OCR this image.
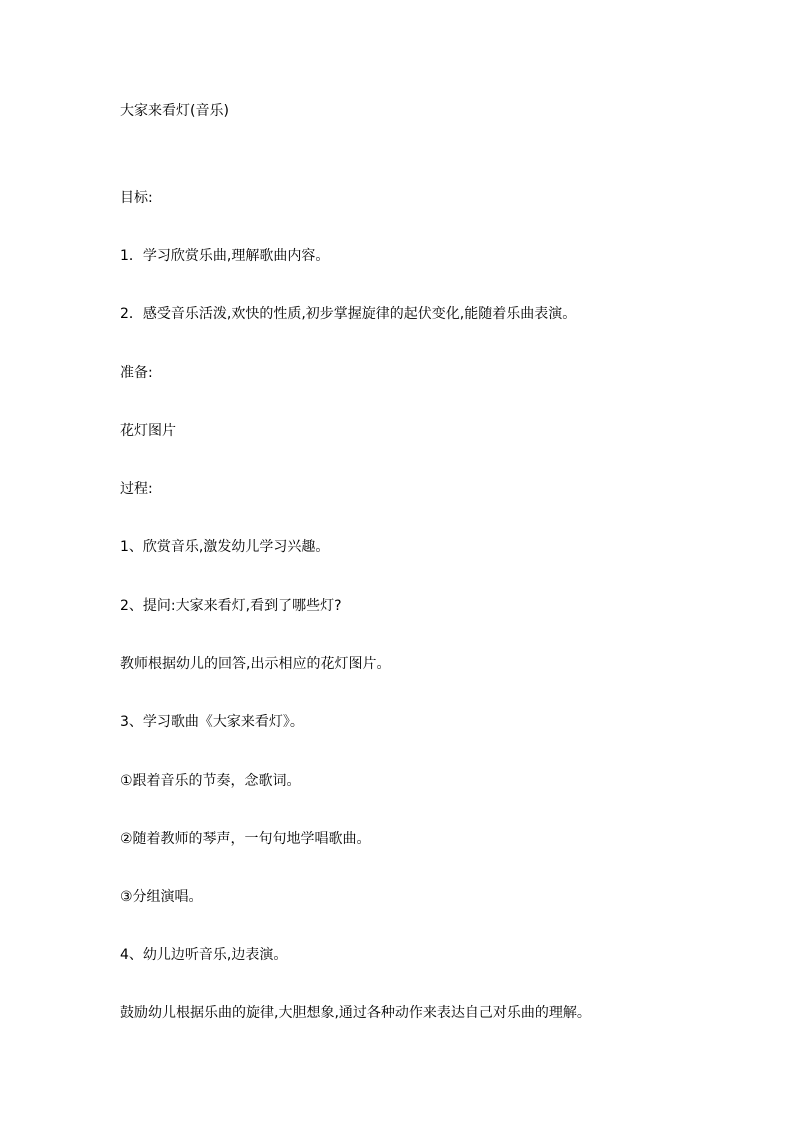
大家来看灯(音乐)
目标:
1．学习欣赏乐曲,理解歌曲内容。
2．感受音乐活泼,欢快的性质,初步掌握旋律的起伏变化,能随着乐曲表演。
准备:
花灯图片
过程:
1、欣赏音乐,激发幼儿学习兴趣。
2、提问:大家来看灯,看到了哪些灯?
教师根据幼儿的回答,出示相应的花灯图片。
3、学习歌曲《大家来看灯》。
①跟着音乐的节奏，念歌词。
②随着教师的琴声，一句句地学唱歌曲。
③分组演唱。
4、幼儿边听音乐,边表演。
鼓励幼儿根据乐曲的旋律,大胆想象,通过各种动作来表达自己对乐曲的理解。
